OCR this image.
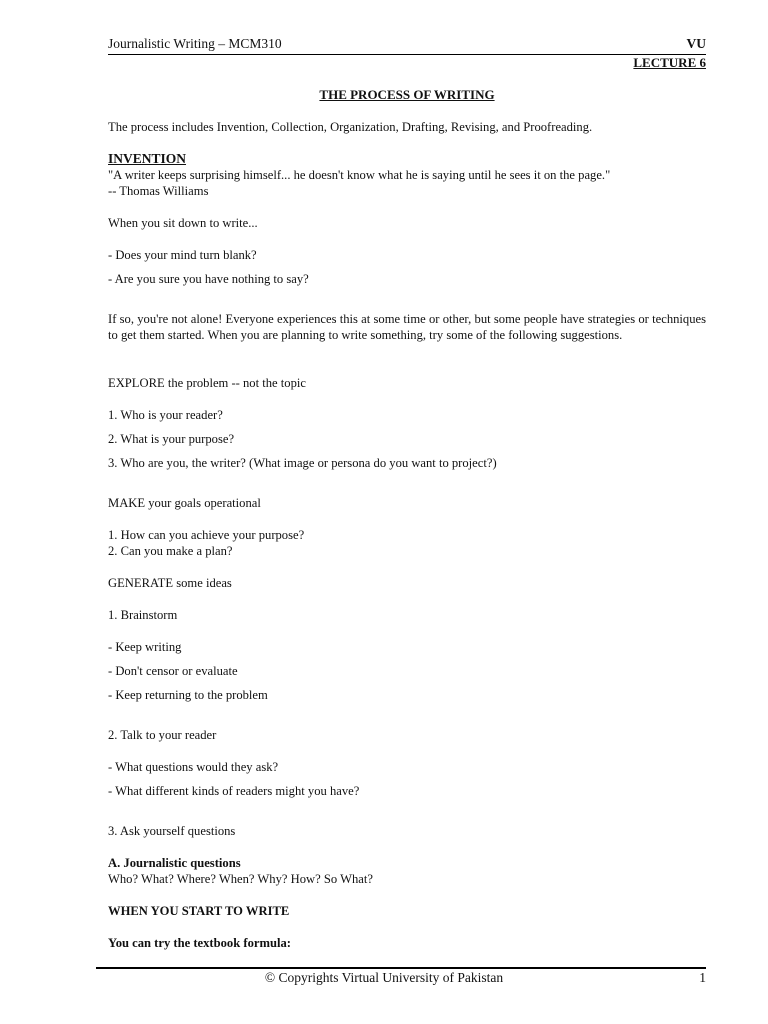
Journalistic Writing – MCM310	VU
LECTURE 6
THE PROCESS OF WRITING
The process includes Invention, Collection, Organization, Drafting, Revising, and Proofreading.
INVENTION
"A writer keeps surprising himself... he doesn't know what he is saying until he sees it on the page."
-- Thomas Williams
When you sit down to write...
- Does your mind turn blank?
- Are you sure you have nothing to say?
If so, you're not alone! Everyone experiences this at some time or other, but some people have strategies or techniques to get them started. When you are planning to write something, try some of the following suggestions.
EXPLORE the problem -- not the topic
1. Who is your reader?
2. What is your purpose?
3. Who are you, the writer? (What image or persona do you want to project?)
MAKE your goals operational
1. How can you achieve your purpose?
2. Can you make a plan?
GENERATE some ideas
1. Brainstorm
- Keep writing
- Don't censor or evaluate
- Keep returning to the problem
2. Talk to your reader
- What questions would they ask?
- What different kinds of readers might you have?
3. Ask yourself questions
A. Journalistic questions
Who? What? Where? When? Why? How? So What?
WHEN YOU START TO WRITE
You can try the textbook formula:
© Copyrights Virtual University of Pakistan	1
